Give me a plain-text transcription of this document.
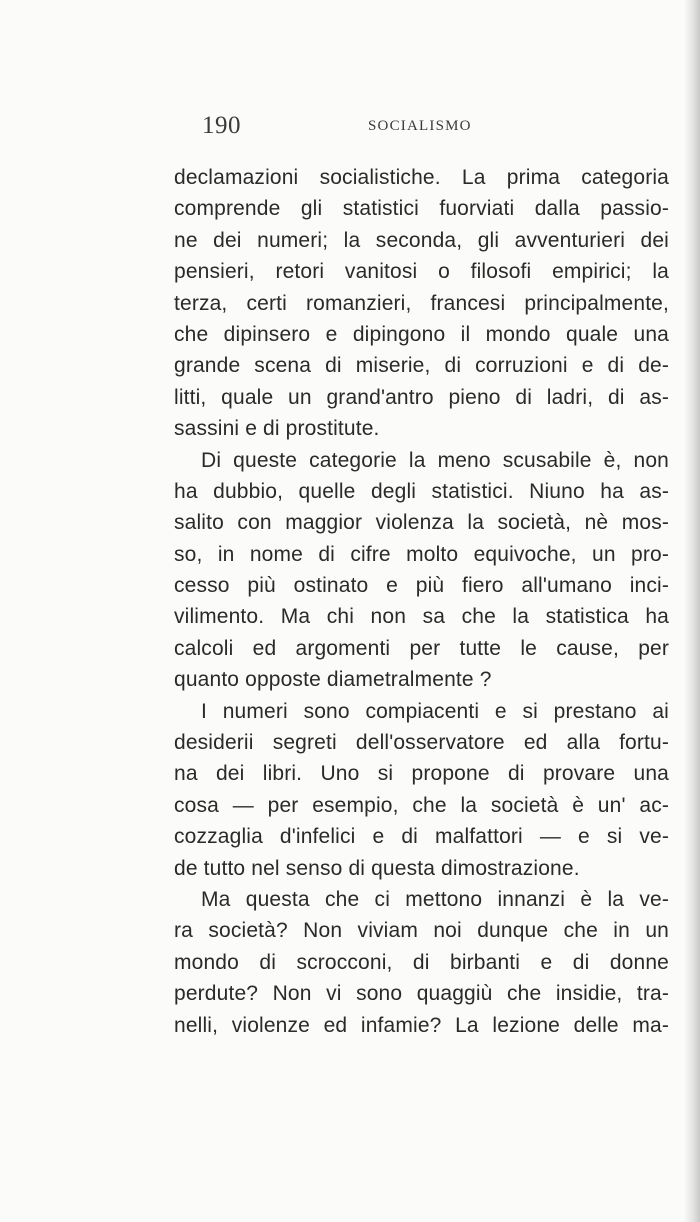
190	SOCIALISMO
declamazioni socialistiche. La prima categoria
comprende gli statistici fuorviati dalla passio-
ne dei numeri; la seconda, gli avventurieri dei
pensieri, retori vanitosi o filosofi empirici; la
terza, certi romanzieri, francesi principalmente,
che dipinsero e dipingono il mondo quale una
grande scena di miserie, di corruzioni e di de-
litti, quale un grand'antro pieno di ladri, di as-
sassini e di prostitute.
Di queste categorie la meno scusabile è, non
ha dubbio, quelle degli statistici. Niuno ha as-
salito con maggior violenza la società, nè mos-
so, in nome di cifre molto equivoche, un pro-
cesso più ostinato e più fiero all'umano inci-
vilimento. Ma chi non sa che la statistica ha
calcoli ed argomenti per tutte le cause, per
quanto opposte diametralmente ?
I numeri sono compiacenti e si prestano ai
desiderii segreti dell'osservatore ed alla fortu-
na dei libri. Uno si propone di provare una
cosa — per esempio, che la società è un' ac-
cozzaglia d'infelici e di malfattori — e si ve-
de tutto nel senso di questa dimostrazione.
Ma questa che ci mettono innanzi è la ve-
ra società? Non viviam noi dunque che in un
mondo di scrocconi, di birbanti e di donne
perdute? Non vi sono quaggiù che insidie, tra-
nelli, violenze ed infamie? La lezione delle ma-
